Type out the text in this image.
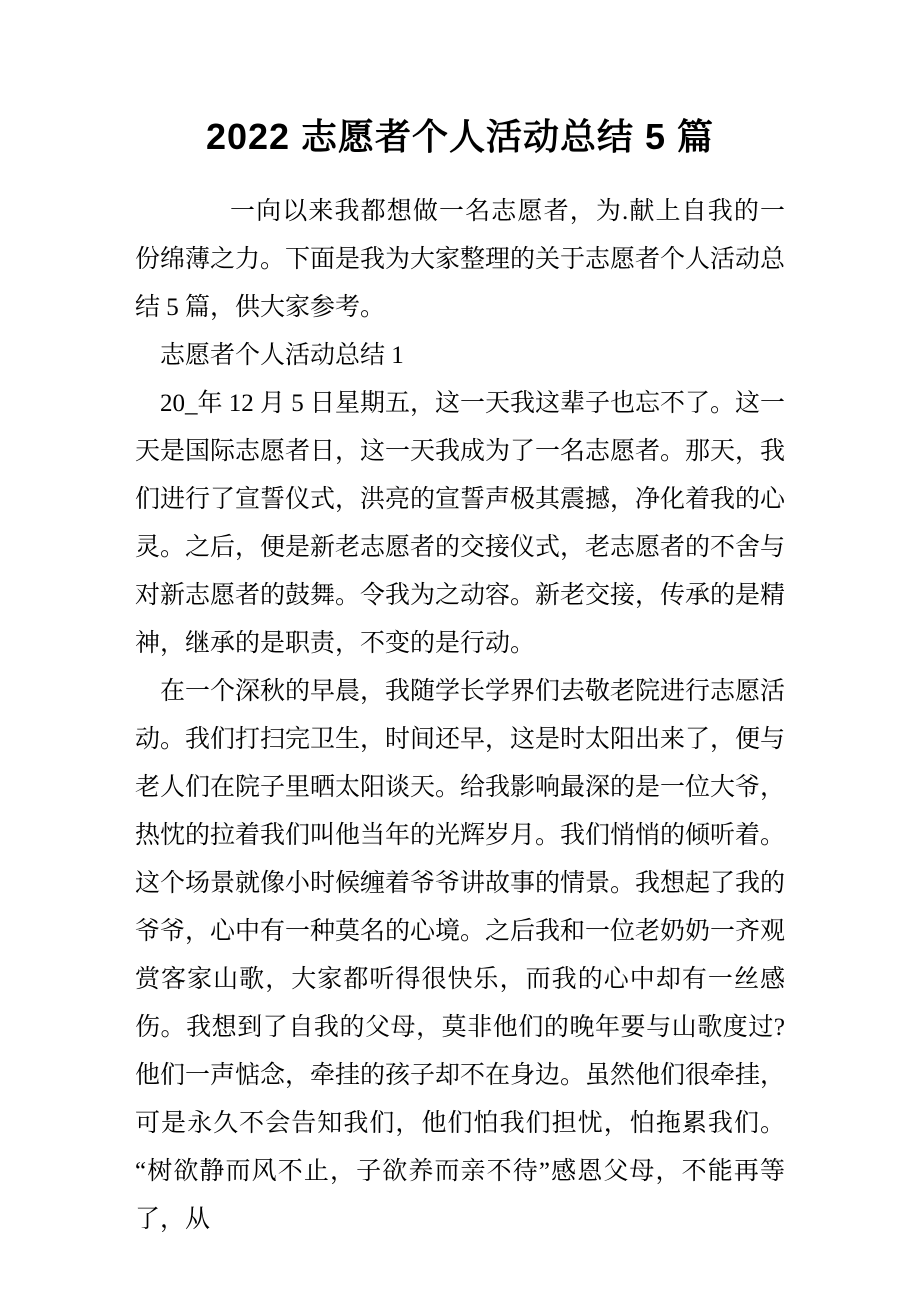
2022 志愿者个人活动总结 5 篇

一向以来我都想做一名志愿者，为.献上自我的一份绵薄之力。下面是我为大家整理的关于志愿者个人活动总结 5 篇，供大家参考。

志愿者个人活动总结 1

20_年 12 月 5 日星期五，这一天我这辈子也忘不了。这一天是国际志愿者日，这一天我成为了一名志愿者。那天，我们进行了宣誓仪式，洪亮的宣誓声极其震撼，净化着我的心灵。之后，便是新老志愿者的交接仪式，老志愿者的不舍与对新志愿者的鼓舞。令我为之动容。新老交接，传承的是精神，继承的是职责，不变的是行动。

在一个深秋的早晨，我随学长学界们去敬老院进行志愿活动。我们打扫完卫生，时间还早，这是时太阳出来了，便与老人们在院子里晒太阳谈天。给我影响最深的是一位大爷，热忱的拉着我们叫他当年的光辉岁月。我们悄悄的倾听着。这个场景就像小时候缠着爷爷讲故事的情景。我想起了我的爷爷，心中有一种莫名的心境。之后我和一位老奶奶一齐观赏客家山歌，大家都听得很快乐，而我的心中却有一丝感伤。我想到了自我的父母，莫非他们的晚年要与山歌度过?他们一声惦念，牵挂的孩子却不在身边。虽然他们很牵挂，可是永久不会告知我们，他们怕我们担忧，怕拖累我们。“树欲静而风不止，子欲养而亲不待”感恩父母，不能再等了，从
